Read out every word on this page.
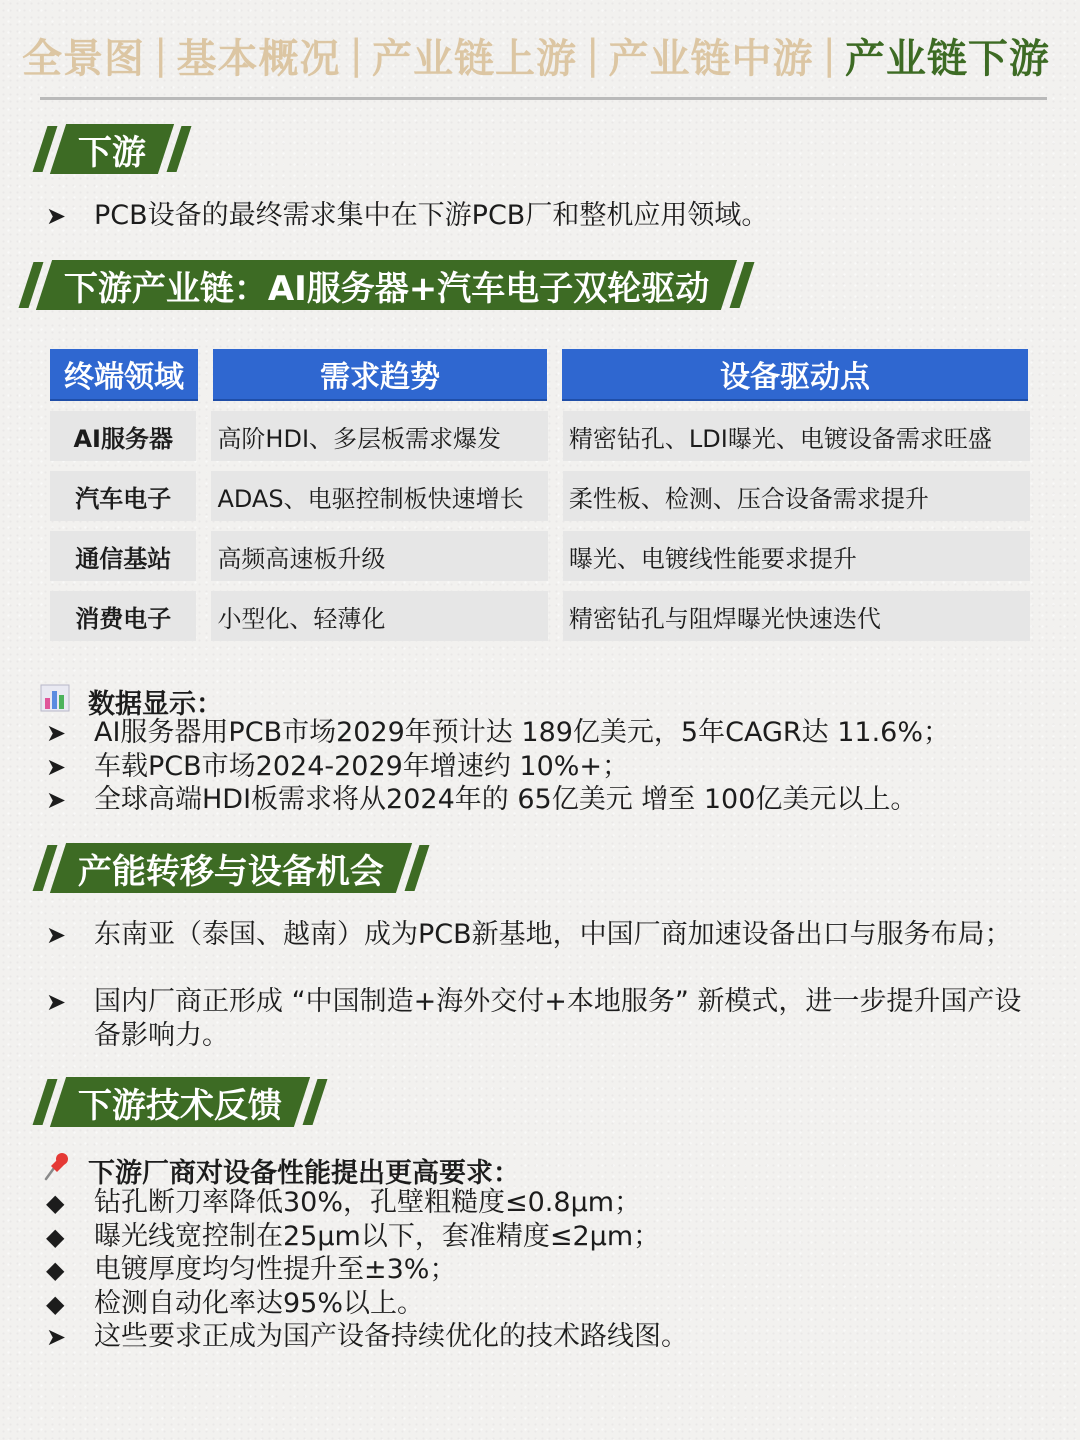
全景图 | 基本概况 | 产业链上游 | 产业链中游 | 产业链下游
下游
➤	PCB设备的最终需求集中在下游PCB厂和整机应用领域。
下游产业链：AI服务器+汽车电子双轮驱动
终端领域	需求趋势	设备驱动点
AI服务器	高阶HDI、多层板需求爆发	精密钻孔、LDI曝光、电镀设备需求旺盛
汽车电子	ADAS、电驱控制板快速增长	柔性板、检测、压合设备需求提升
通信基站	高频高速板升级	曝光、电镀线性能要求提升
消费电子	小型化、轻薄化	精密钻孔与阻焊曝光快速迭代
数据显示：
➤	AI服务器用PCB市场2029年预计达 189亿美元，5年CAGR达 11.6%；
➤	车载PCB市场2024-2029年增速约 10%+；
➤	全球高端HDI板需求将从2024年的 65亿美元 增至 100亿美元以上。
产能转移与设备机会
➤	东南亚（泰国、越南）成为PCB新基地，中国厂商加速设备出口与服务布局；
➤	国内厂商正形成 “中国制造+海外交付+本地服务” 新模式，进一步提升国产设备影响力。
下游技术反馈
下游厂商对设备性能提出更高要求：
◆	钻孔断刀率降低30%，孔壁粗糙度≤0.8μm；
◆	曝光线宽控制在25μm以下，套准精度≤2μm；
◆	电镀厚度均匀性提升至±3%；
◆	检测自动化率达95%以上。
➤	这些要求正成为国产设备持续优化的技术路线图。
